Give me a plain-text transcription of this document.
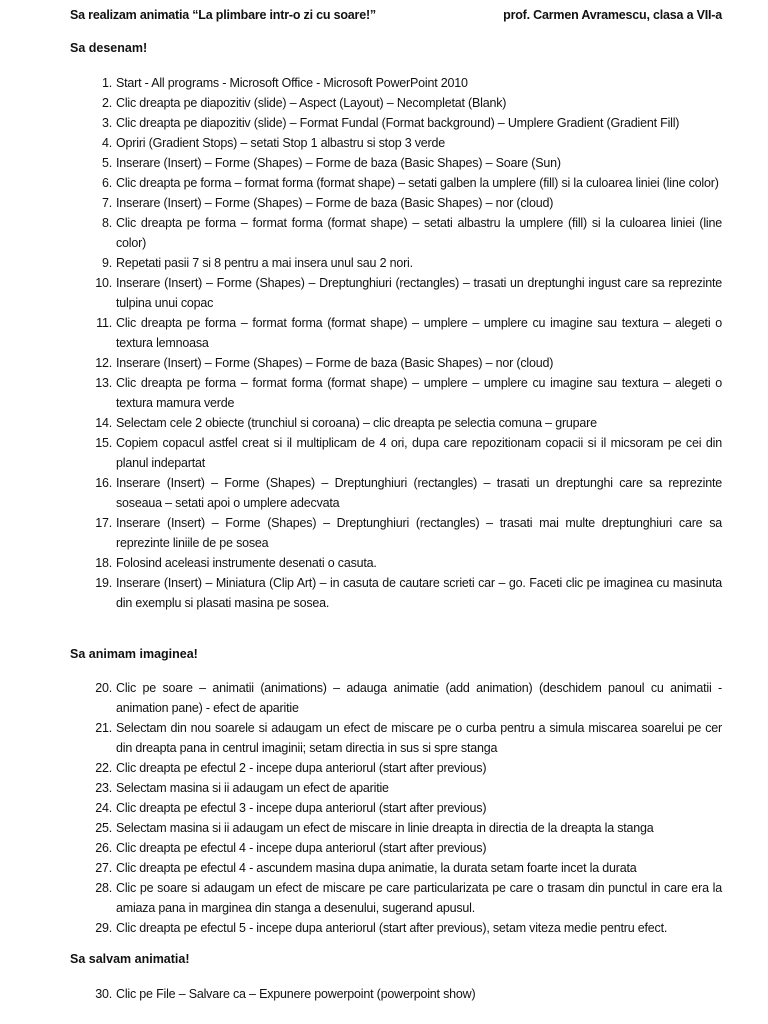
Sa realizam animatia “La plimbare intr-o zi cu soare!”	prof. Carmen Avramescu, clasa a VII-a
Sa desenam!
1. Start - All programs - Microsoft Office - Microsoft PowerPoint 2010
2. Clic dreapta pe diapozitiv (slide) – Aspect (Layout) – Necompletat (Blank)
3. Clic dreapta pe diapozitiv (slide) – Format Fundal (Format background) – Umplere Gradient (Gradient Fill)
4. Opriri (Gradient Stops) – setati Stop 1 albastru si stop 3 verde
5. Inserare (Insert) – Forme (Shapes) – Forme de baza (Basic Shapes) – Soare (Sun)
6. Clic dreapta pe forma – format forma (format shape) – setati galben la umplere (fill) si la culoarea liniei (line color)
7. Inserare (Insert) – Forme (Shapes) – Forme de baza (Basic Shapes) – nor (cloud)
8. Clic dreapta pe forma – format forma (format shape) – setati albastru la umplere (fill) si la culoarea liniei (line color)
9. Repetati pasii 7 si 8 pentru a mai insera unul sau 2 nori.
10. Inserare (Insert) – Forme (Shapes) – Dreptunghiuri (rectangles) – trasati un dreptunghi ingust care sa reprezinte tulpina unui copac
11. Clic dreapta pe forma – format forma (format shape) – umplere – umplere cu imagine sau textura – alegeti o textura lemnoasa
12. Inserare (Insert) – Forme (Shapes) – Forme de baza (Basic Shapes) – nor (cloud)
13. Clic dreapta pe forma – format forma (format shape) – umplere – umplere cu imagine sau textura – alegeti o textura mamura verde
14. Selectam cele 2 obiecte (trunchiul si coroana) – clic dreapta pe selectia comuna – grupare
15. Copiem copacul astfel creat si il multiplicam de 4 ori, dupa care repozitionam copacii si il micsoram pe cei din planul indepartat
16. Inserare (Insert) – Forme (Shapes) – Dreptunghiuri (rectangles) – trasati un dreptunghi care sa reprezinte soseaua – setati apoi o umplere adecvata
17. Inserare (Insert) – Forme (Shapes) – Dreptunghiuri (rectangles) – trasati mai multe dreptunghiuri care sa reprezinte liniile de pe sosea
18. Folosind aceleasi instrumente desenati o casuta.
19. Inserare (Insert) – Miniatura (Clip Art) – in casuta de cautare scrieti car – go. Faceti clic pe imaginea cu masinuta din exemplu si plasati masina pe sosea.
Sa animam imaginea!
20. Clic pe soare – animatii (animations) – adauga animatie (add animation) (deschidem panoul cu animatii - animation pane) - efect de aparitie
21. Selectam din nou soarele si adaugam un efect de miscare pe o curba pentru a simula miscarea soarelui pe cer din dreapta pana in centrul imaginii; setam directia in sus si spre stanga
22. Clic dreapta pe efectul 2 - incepe dupa anteriorul (start after previous)
23. Selectam masina si ii adaugam un efect de aparitie
24. Clic dreapta pe efectul 3 - incepe dupa anteriorul (start after previous)
25. Selectam masina si ii adaugam un efect de miscare in linie dreapta in directia de la dreapta la stanga
26. Clic dreapta pe efectul 4 - incepe dupa anteriorul (start after previous)
27. Clic dreapta pe efectul 4 - ascundem masina dupa animatie, la durata setam foarte incet la durata
28. Clic pe soare si adaugam un efect de miscare pe care particularizata pe care o trasam din punctul in care era la amiaza pana in marginea din stanga a desenului, sugerand apusul.
29. Clic dreapta pe efectul 5 - incepe dupa anteriorul (start after previous), setam viteza medie pentru efect.
Sa salvam animatia!
30. Clic pe File – Salvare ca – Expunere powerpoint (powerpoint show)
